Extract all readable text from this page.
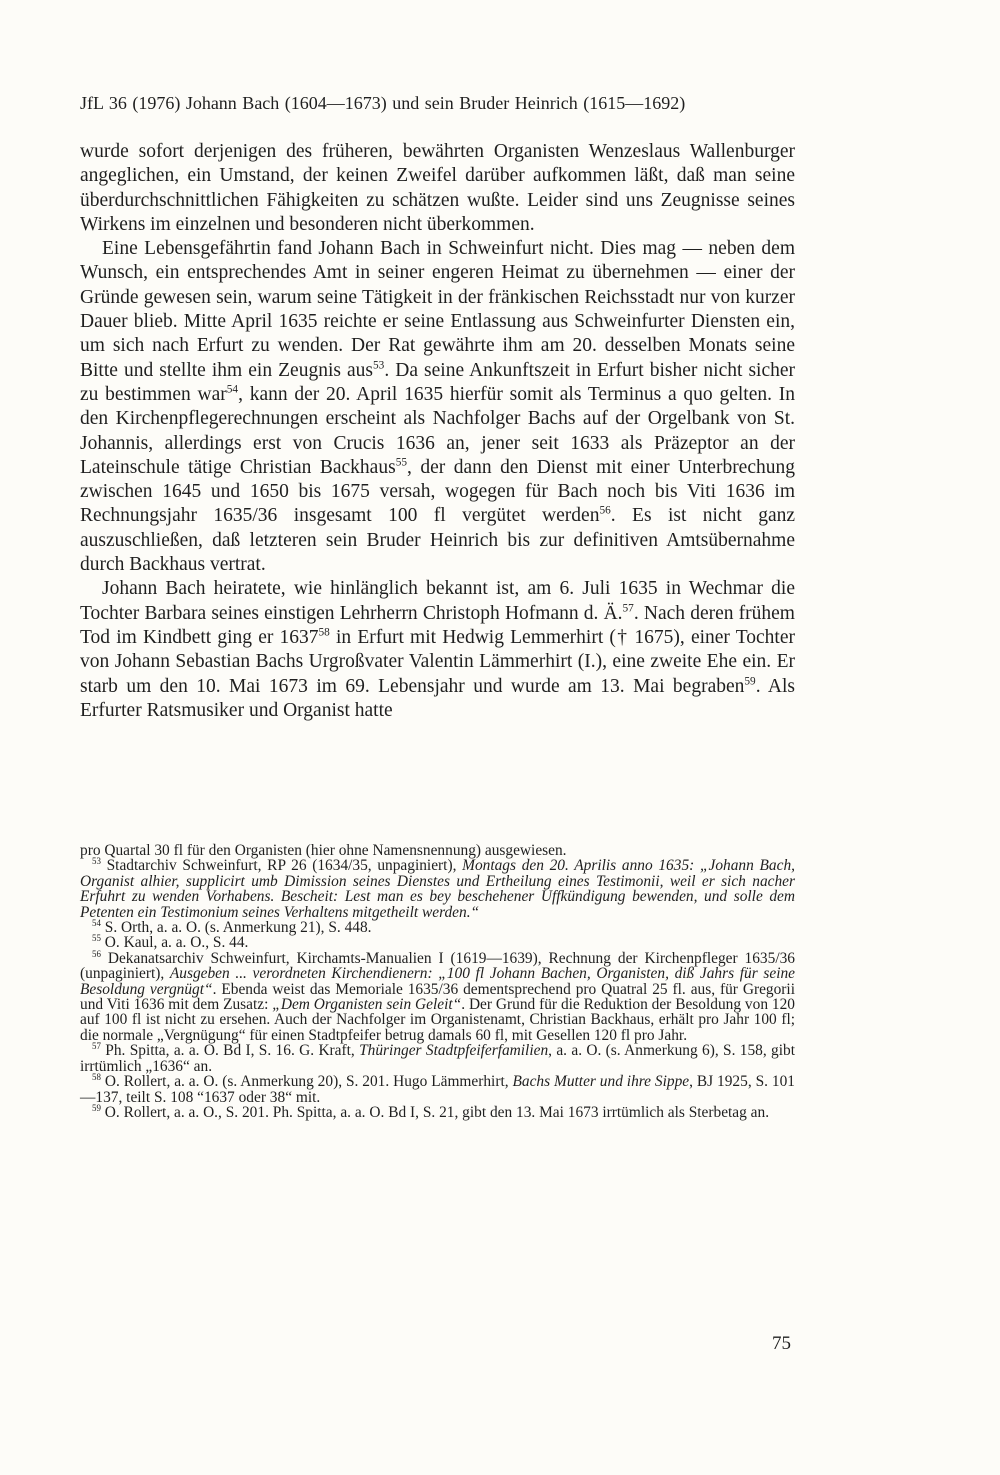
JfL 36 (1976) Johann Bach (1604—1673) und sein Bruder Heinrich (1615—1692)

wurde sofort derjenigen des früheren, bewährten Organisten Wenzeslaus Wallenburger angeglichen, ein Umstand, der keinen Zweifel darüber aufkommen läßt, daß man seine überdurchschnittlichen Fähigkeiten zu schätzen wußte. Leider sind uns Zeugnisse seines Wirkens im einzelnen und besonderen nicht überkommen.

Eine Lebensgefährtin fand Johann Bach in Schweinfurt nicht. Dies mag — neben dem Wunsch, ein entsprechendes Amt in seiner engeren Heimat zu übernehmen — einer der Gründe gewesen sein, warum seine Tätigkeit in der fränkischen Reichsstadt nur von kurzer Dauer blieb. Mitte April 1635 reichte er seine Entlassung aus Schweinfurter Diensten ein, um sich nach Erfurt zu wenden. Der Rat gewährte ihm am 20. desselben Monats seine Bitte und stellte ihm ein Zeugnis aus$^{53}$. Da seine Ankunftszeit in Erfurt bisher nicht sicher zu bestimmen war$^{54}$, kann der 20. April 1635 hierfür somit als Terminus a quo gelten. In den Kirchenpflegerechnungen erscheint als Nachfolger Bachs auf der Orgelbank von St. Johannis, allerdings erst von Crucis 1636 an, jener seit 1633 als Präzeptor an der Lateinschule tätige Christian Backhaus$^{55}$, der dann den Dienst mit einer Unterbrechung zwischen 1645 und 1650 bis 1675 versah, wogegen für Bach noch bis Viti 1636 im Rechnungsjahr 1635/36 insgesamt 100 fl vergütet werden$^{56}$. Es ist nicht ganz auszuschließen, daß letzteren sein Bruder Heinrich bis zur definitiven Amtsübernahme durch Backhaus vertrat.

Johann Bach heiratete, wie hinlänglich bekannt ist, am 6. Juli 1635 in Wechmar die Tochter Barbara seines einstigen Lehrherrn Christoph Hofmann d. Ä.$^{57}$. Nach deren frühem Tod im Kindbett ging er 1637$^{58}$ in Erfurt mit Hedwig Lemmerhirt († 1675), einer Tochter von Johann Sebastian Bachs Urgroßvater Valentin Lämmerhirt (I.), eine zweite Ehe ein. Er starb um den 10. Mai 1673 im 69. Lebensjahr und wurde am 13. Mai begraben$^{59}$. Als Erfurter Ratsmusiker und Organist hatte

pro Quartal 30 fl für den Organisten (hier ohne Namensnennung) ausgewiesen.

$^{53}$ Stadtarchiv Schweinfurt, RP 26 (1634/35, unpaginiert), Montags den 20. Aprilis anno 1635: „Johann Bach, Organist alhier, supplicirt umb Dimission seines Dienstes und Ertheilung eines Testimonii, weil er sich nacher Erfuhrt zu wenden Vorhabens. Bescheit: Lest man es bey beschehener Uffkündigung bewenden, und solle dem Petenten ein Testimonium seines Verhaltens mitgetheilt werden.“

$^{54}$ S. Orth, a. a. O. (s. Anmerkung 21), S. 448.

$^{55}$ O. Kaul, a. a. O., S. 44.

$^{56}$ Dekanatsarchiv Schweinfurt, Kirchamts-Manualien I (1619—1639), Rechnung der Kirchenpfleger 1635/36 (unpaginiert), Ausgeben ... verordneten Kirchendienern: „100 fl Johann Bachen, Organisten, diß Jahrs für seine Besoldung vergnügt“. Ebenda weist das Memoriale 1635/36 dementsprechend pro Quatral 25 fl. aus, für Gregorii und Viti 1636 mit dem Zusatz: „Dem Organisten sein Geleit“. Der Grund für die Reduktion der Besoldung von 120 auf 100 fl ist nicht zu ersehen. Auch der Nachfolger im Organistenamt, Christian Backhaus, erhält pro Jahr 100 fl; die normale „Vergnügung“ für einen Stadtpfeifer betrug damals 60 fl, mit Gesellen 120 fl pro Jahr.

$^{57}$ Ph. Spitta, a. a. O. Bd I, S. 16. G. Kraft, Thüringer Stadtpfeiferfamilien, a. a. O. (s. Anmerkung 6), S. 158, gibt irrtümlich „1636“ an.

$^{58}$ O. Rollert, a. a. O. (s. Anmerkung 20), S. 201. Hugo Lämmerhirt, Bachs Mutter und ihre Sippe, BJ 1925, S. 101—137, teilt S. 108 “1637 oder 38“ mit.

$^{59}$ O. Rollert, a. a. O., S. 201. Ph. Spitta, a. a. O. Bd I, S. 21, gibt den 13. Mai 1673 irrtümlich als Sterbetag an.

75
